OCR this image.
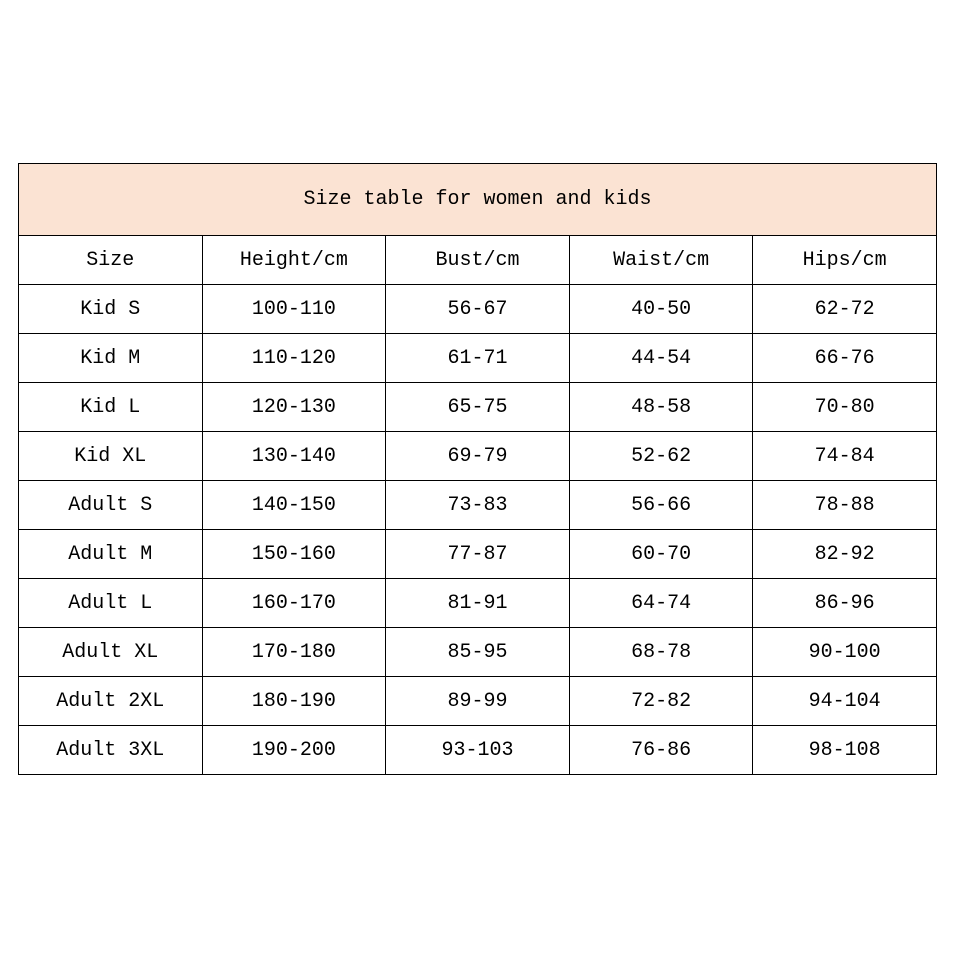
Size table for women and kids				
Size	Height/cm	Bust/cm	Waist/cm	Hips/cm
Kid S	100-110	56-67	40-50	62-72
Kid M	110-120	61-71	44-54	66-76
Kid L	120-130	65-75	48-58	70-80
Kid XL	130-140	69-79	52-62	74-84
Adult S	140-150	73-83	56-66	78-88
Adult M	150-160	77-87	60-70	82-92
Adult L	160-170	81-91	64-74	86-96
Adult XL	170-180	85-95	68-78	90-100
Adult 2XL	180-190	89-99	72-82	94-104
Adult 3XL	190-200	93-103	76-86	98-108
